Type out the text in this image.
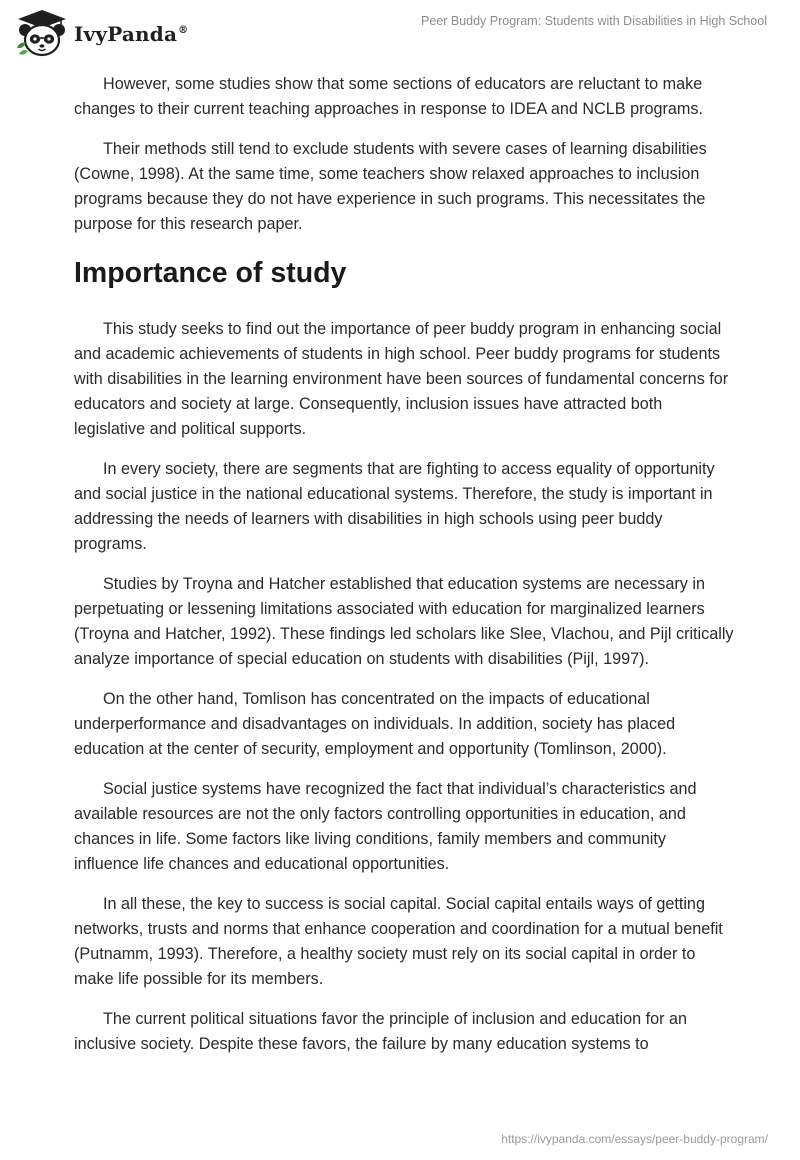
IvyPanda®
Peer Buddy Program: Students with Disabilities in High School

However, some studies show that some sections of educators are reluctant to make changes to their current teaching approaches in response to IDEA and NCLB programs.

Their methods still tend to exclude students with severe cases of learning disabilities (Cowne, 1998). At the same time, some teachers show relaxed approaches to inclusion programs because they do not have experience in such programs. This necessitates the purpose for this research paper.

Importance of study

This study seeks to find out the importance of peer buddy program in enhancing social and academic achievements of students in high school. Peer buddy programs for students with disabilities in the learning environment have been sources of fundamental concerns for educators and society at large. Consequently, inclusion issues have attracted both legislative and political supports.

In every society, there are segments that are fighting to access equality of opportunity and social justice in the national educational systems. Therefore, the study is important in addressing the needs of learners with disabilities in high schools using peer buddy programs.

Studies by Troyna and Hatcher established that education systems are necessary in perpetuating or lessening limitations associated with education for marginalized learners (Troyna and Hatcher, 1992). These findings led scholars like Slee, Vlachou, and Pijl critically analyze importance of special education on students with disabilities (Pijl, 1997).

On the other hand, Tomlison has concentrated on the impacts of educational underperformance and disadvantages on individuals. In addition, society has placed education at the center of security, employment and opportunity (Tomlinson, 2000).

Social justice systems have recognized the fact that individual’s characteristics and available resources are not the only factors controlling opportunities in education, and chances in life. Some factors like living conditions, family members and community influence life chances and educational opportunities.

In all these, the key to success is social capital. Social capital entails ways of getting networks, trusts and norms that enhance cooperation and coordination for a mutual benefit (Putnamm, 1993). Therefore, a healthy society must rely on its social capital in order to make life possible for its members.

The current political situations favor the principle of inclusion and education for an inclusive society. Despite these favors, the failure by many education systems to

https://ivypanda.com/essays/peer-buddy-program/
